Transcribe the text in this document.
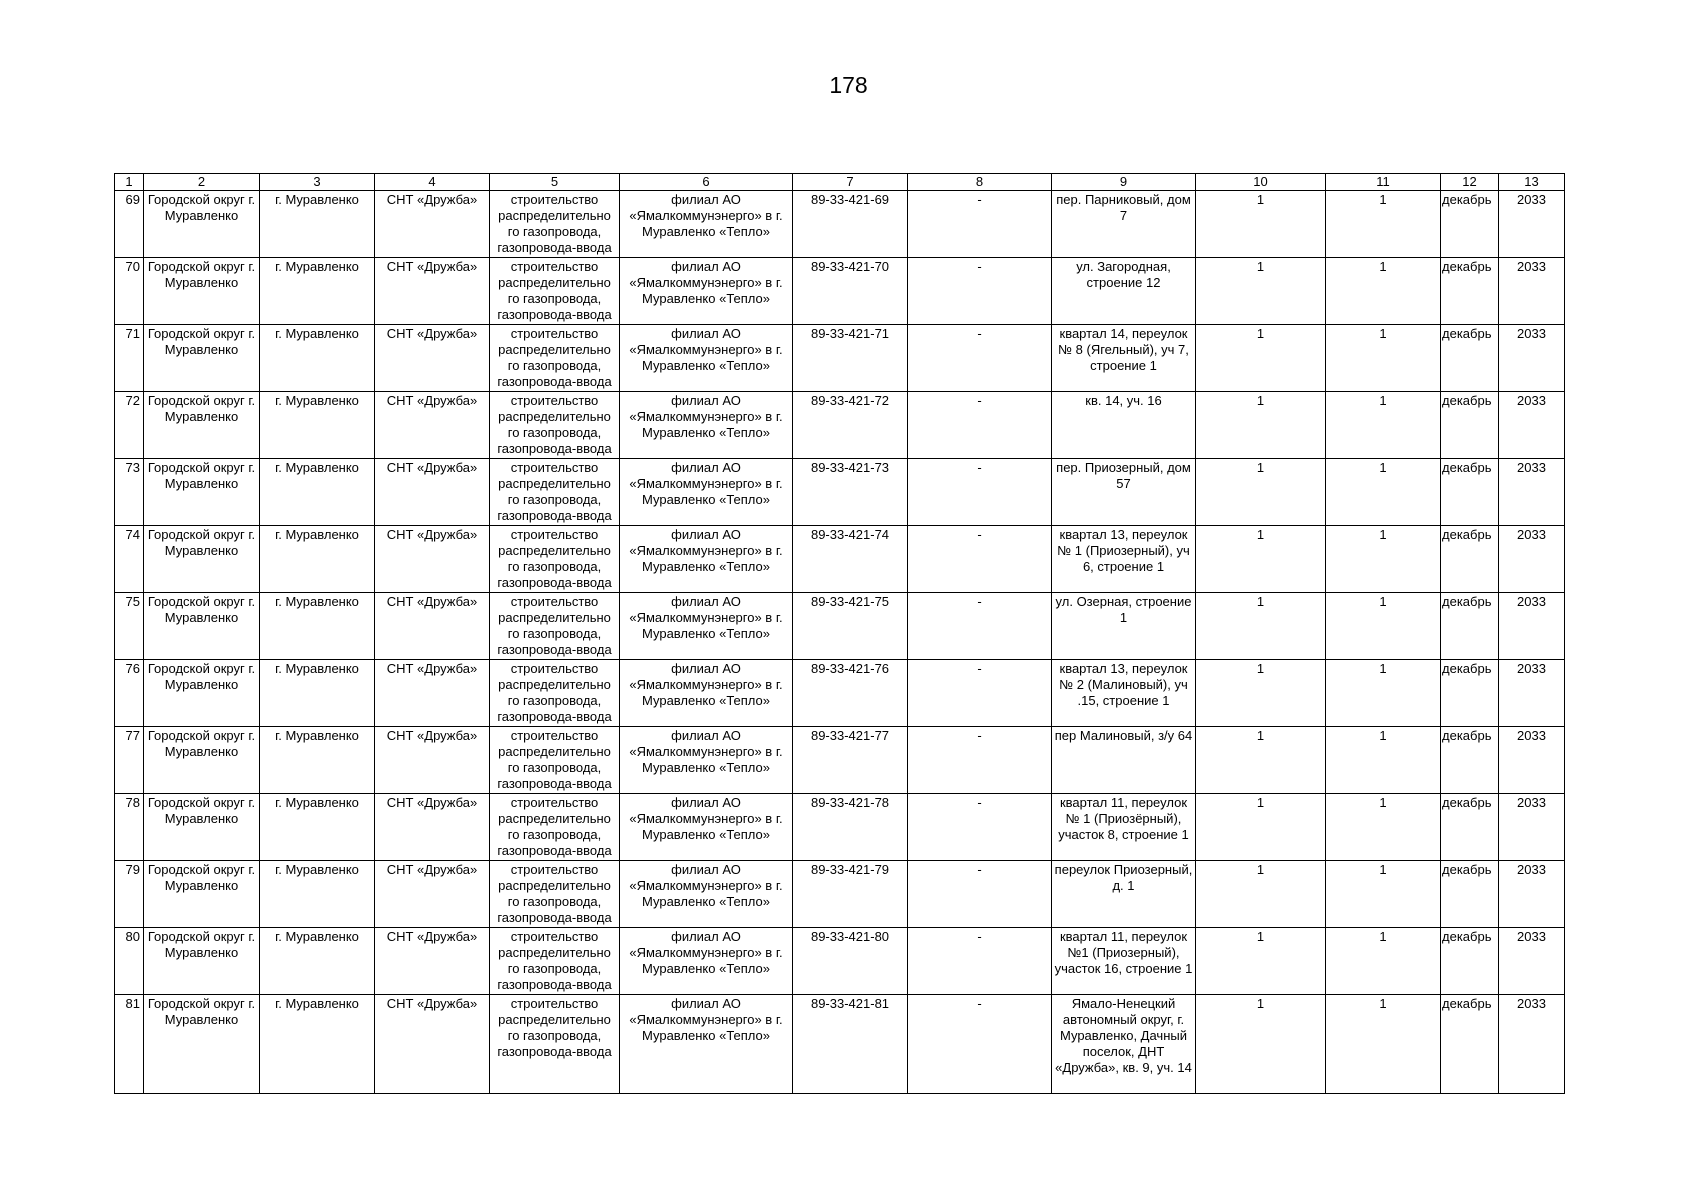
178
1	2	3	4	5	6	7	8	9	10	11	12	13
69	Городской округ г. Муравленко	г. Муравленко	СНТ «Дружба»	строительство распределительно го газопровода, газопровода-ввода	филиал АО «Ямалкоммунэнерго» в г. Муравленко «Тепло»	89-33-421-69	-	пер. Парниковый, дом 7	1	1	декабрь	2033
70	Городской округ г. Муравленко	г. Муравленко	СНТ «Дружба»	строительство распределительно го газопровода, газопровода-ввода	филиал АО «Ямалкоммунэнерго» в г. Муравленко «Тепло»	89-33-421-70	-	ул. Загородная, строение 12	1	1	декабрь	2033
71	Городской округ г. Муравленко	г. Муравленко	СНТ «Дружба»	строительство распределительно го газопровода, газопровода-ввода	филиал АО «Ямалкоммунэнерго» в г. Муравленко «Тепло»	89-33-421-71	-	квартал 14, переулок № 8 (Ягельный), уч 7, строение 1	1	1	декабрь	2033
72	Городской округ г. Муравленко	г. Муравленко	СНТ «Дружба»	строительство распределительно го газопровода, газопровода-ввода	филиал АО «Ямалкоммунэнерго» в г. Муравленко «Тепло»	89-33-421-72	-	кв. 14, уч. 16	1	1	декабрь	2033
73	Городской округ г. Муравленко	г. Муравленко	СНТ «Дружба»	строительство распределительно го газопровода, газопровода-ввода	филиал АО «Ямалкоммунэнерго» в г. Муравленко «Тепло»	89-33-421-73	-	пер. Приозерный, дом 57	1	1	декабрь	2033
74	Городской округ г. Муравленко	г. Муравленко	СНТ «Дружба»	строительство распределительно го газопровода, газопровода-ввода	филиал АО «Ямалкоммунэнерго» в г. Муравленко «Тепло»	89-33-421-74	-	квартал 13, переулок № 1 (Приозерный), уч 6, строение 1	1	1	декабрь	2033
75	Городской округ г. Муравленко	г. Муравленко	СНТ «Дружба»	строительство распределительно го газопровода, газопровода-ввода	филиал АО «Ямалкоммунэнерго» в г. Муравленко «Тепло»	89-33-421-75	-	ул. Озерная, строение 1	1	1	декабрь	2033
76	Городской округ г. Муравленко	г. Муравленко	СНТ «Дружба»	строительство распределительно го газопровода, газопровода-ввода	филиал АО «Ямалкоммунэнерго» в г. Муравленко «Тепло»	89-33-421-76	-	квартал 13, переулок № 2 (Малиновый), уч .15, строение 1	1	1	декабрь	2033
77	Городской округ г. Муравленко	г. Муравленко	СНТ «Дружба»	строительство распределительно го газопровода, газопровода-ввода	филиал АО «Ямалкоммунэнерго» в г. Муравленко «Тепло»	89-33-421-77	-	пер Малиновый, з/у 64	1	1	декабрь	2033
78	Городской округ г. Муравленко	г. Муравленко	СНТ «Дружба»	строительство распределительно го газопровода, газопровода-ввода	филиал АО «Ямалкоммунэнерго» в г. Муравленко «Тепло»	89-33-421-78	-	квартал 11, переулок № 1 (Приозёрный), участок 8, строение 1	1	1	декабрь	2033
79	Городской округ г. Муравленко	г. Муравленко	СНТ «Дружба»	строительство распределительно го газопровода, газопровода-ввода	филиал АО «Ямалкоммунэнерго» в г. Муравленко «Тепло»	89-33-421-79	-	переулок Приозерный, д. 1	1	1	декабрь	2033
80	Городской округ г. Муравленко	г. Муравленко	СНТ «Дружба»	строительство распределительно го газопровода, газопровода-ввода	филиал АО «Ямалкоммунэнерго» в г. Муравленко «Тепло»	89-33-421-80	-	квартал 11, переулок №1 (Приозерный), участок 16, строение 1	1	1	декабрь	2033
81	Городской округ г. Муравленко	г. Муравленко	СНТ «Дружба»	строительство распределительно го газопровода, газопровода-ввода	филиал АО «Ямалкоммунэнерго» в г. Муравленко «Тепло»	89-33-421-81	-	Ямало-Ненецкий автономный округ, г. Муравленко, Дачный поселок, ДНТ «Дружба», кв. 9, уч. 14	1	1	декабрь	2033
